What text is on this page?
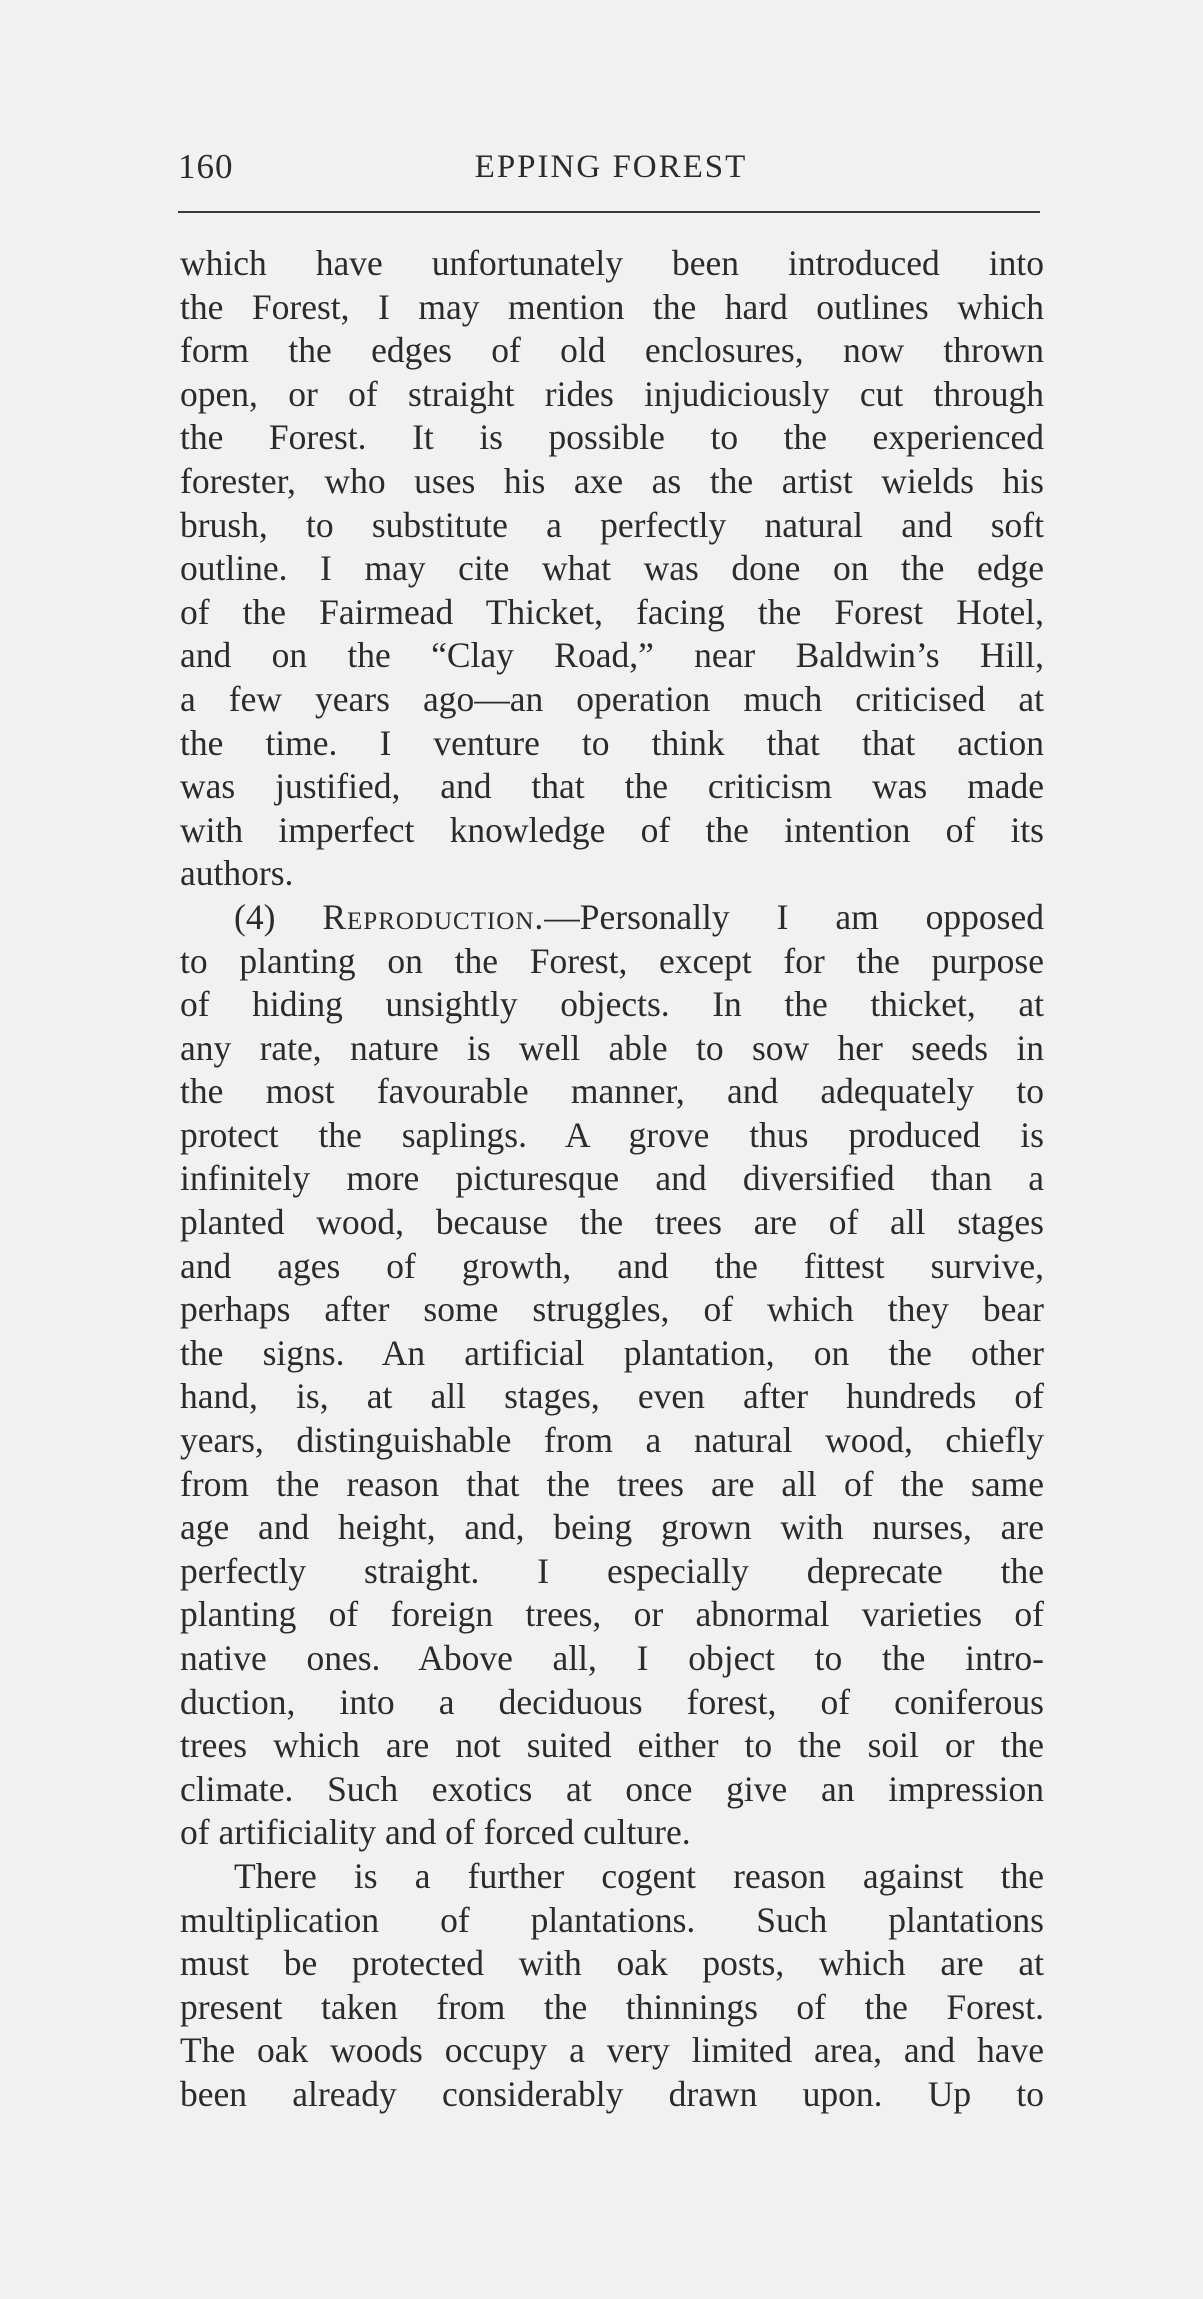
160	EPPING FOREST
which have unfortunately been introduced into
the Forest, I may mention the hard outlines which
form the edges of old enclosures, now thrown
open, or of straight rides injudiciously cut through
the Forest. It is possible to the experienced
forester, who uses his axe as the artist wields his
brush, to substitute a perfectly natural and soft
outline. I may cite what was done on the edge
of the Fairmead Thicket, facing the Forest Hotel,
and on the “Clay Road,” near Baldwin’s Hill,
a few years ago—an operation much criticised at
the time. I venture to think that that action
was justified, and that the criticism was made
with imperfect knowledge of the intention of its
authors.
(4) Reproduction.—Personally I am opposed
to planting on the Forest, except for the purpose
of hiding unsightly objects. In the thicket, at
any rate, nature is well able to sow her seeds in
the most favourable manner, and adequately to
protect the saplings. A grove thus produced is
infinitely more picturesque and diversified than a
planted wood, because the trees are of all stages
and ages of growth, and the fittest survive,
perhaps after some struggles, of which they bear
the signs. An artificial plantation, on the other
hand, is, at all stages, even after hundreds of
years, distinguishable from a natural wood, chiefly
from the reason that the trees are all of the same
age and height, and, being grown with nurses, are
perfectly straight. I especially deprecate the
planting of foreign trees, or abnormal varieties of
native ones. Above all, I object to the intro-
duction, into a deciduous forest, of coniferous
trees which are not suited either to the soil or the
climate. Such exotics at once give an impression
of artificiality and of forced culture.
There is a further cogent reason against the
multiplication of plantations. Such plantations
must be protected with oak posts, which are at
present taken from the thinnings of the Forest.
The oak woods occupy a very limited area, and have
been already considerably drawn upon. Up to
